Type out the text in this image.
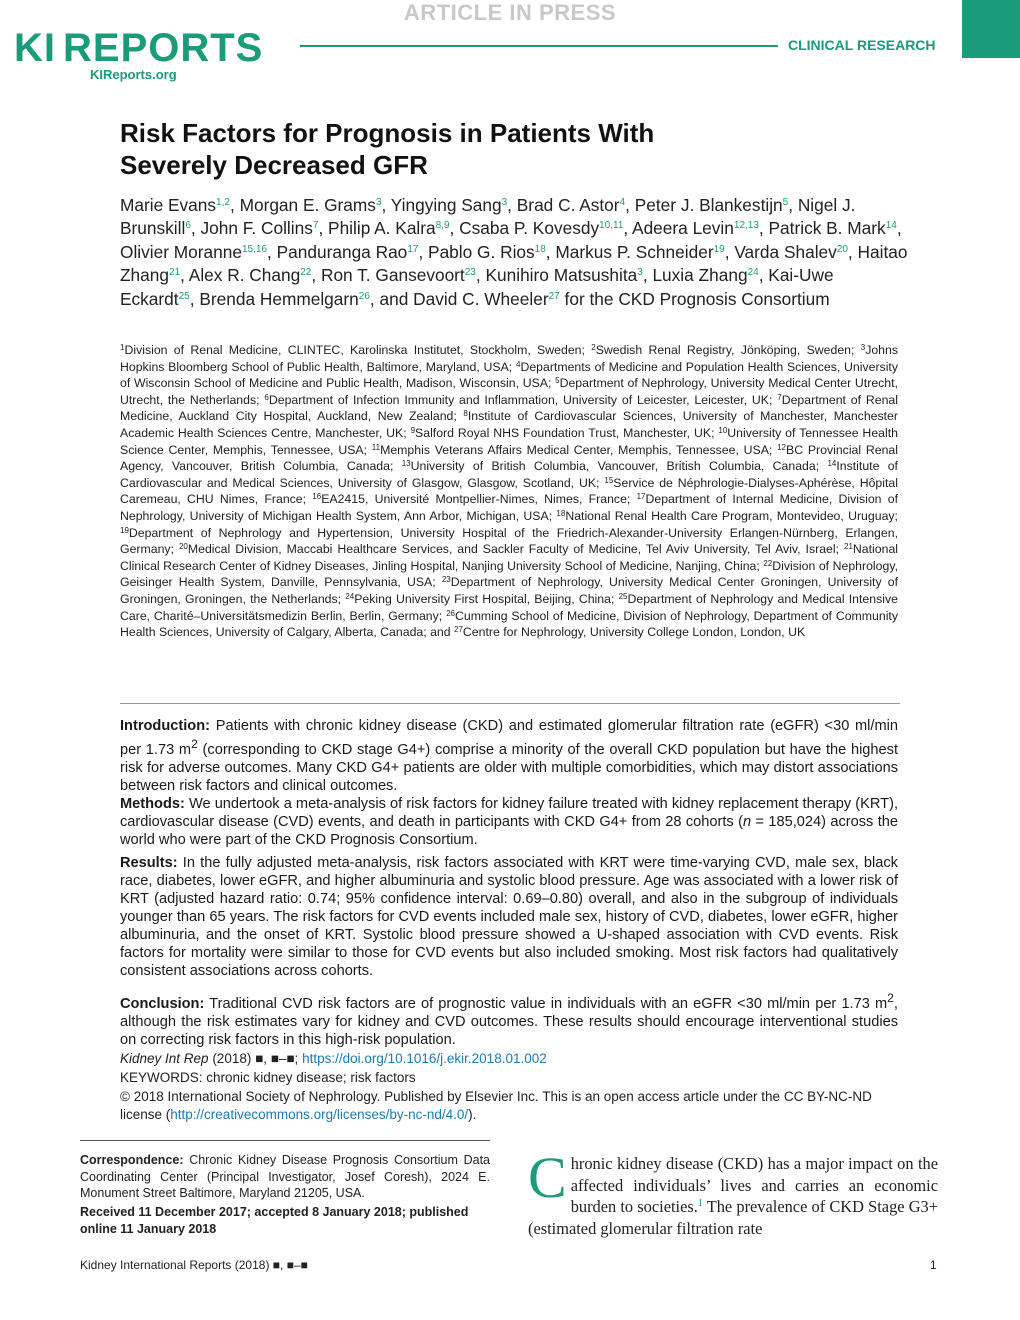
ARTICLE IN PRESS
KI REPORTS
KIReports.org
CLINICAL RESEARCH
Risk Factors for Prognosis in Patients With
Severely Decreased GFR
Marie Evans$^{1,2}$, Morgan E. Grams$^3$, Yingying Sang$^3$, Brad C. Astor$^4$, Peter J. Blankestijn$^5$, Nigel J. Brunskill$^6$, John F. Collins$^7$, Philip A. Kalra$^{8,9}$, Csaba P. Kovesdy$^{10,11}$, Adeera Levin$^{12,13}$, Patrick B. Mark$^{14}$, Olivier Moranne$^{15,16}$, Panduranga Rao$^{17}$, Pablo G. Rios$^{18}$, Markus P. Schneider$^{19}$, Varda Shalev$^{20}$, Haitao Zhang$^{21}$, Alex R. Chang$^{22}$, Ron T. Gansevoort$^{23}$, Kunihiro Matsushita$^3$, Luxia Zhang$^{24}$, Kai-Uwe Eckardt$^{25}$, Brenda Hemmelgarn$^{26}$, and David C. Wheeler$^{27}$ for the CKD Prognosis Consortium
$^1$Division of Renal Medicine, CLINTEC, Karolinska Institutet, Stockholm, Sweden; $^2$Swedish Renal Registry, Jönköping, Sweden; $^3$Johns Hopkins Bloomberg School of Public Health, Baltimore, Maryland, USA; $^4$Departments of Medicine and Population Health Sciences, University of Wisconsin School of Medicine and Public Health, Madison, Wisconsin, USA; $^5$Department of Nephrology, University Medical Center Utrecht, Utrecht, the Netherlands; $^6$Department of Infection Immunity and Inflammation, University of Leicester, Leicester, UK; $^7$Department of Renal Medicine, Auckland City Hospital, Auckland, New Zealand; $^8$Institute of Cardiovascular Sciences, University of Manchester, Manchester Academic Health Sciences Centre, Manchester, UK; $^9$Salford Royal NHS Foundation Trust, Manchester, UK; $^{10}$University of Tennessee Health Science Center, Memphis, Tennessee, USA; $^{11}$Memphis Veterans Affairs Medical Center, Memphis, Tennessee, USA; $^{12}$BC Provincial Renal Agency, Vancouver, British Columbia, Canada; $^{13}$University of British Columbia, Vancouver, British Columbia, Canada; $^{14}$Institute of Cardiovascular and Medical Sciences, University of Glasgow, Glasgow, Scotland, UK; $^{15}$Service de Néphrologie-Dialyses-Aphérèse, Hôpital Caremeau, CHU Nimes, France; $^{16}$EA2415, Université Montpellier-Nimes, Nimes, France; $^{17}$Department of Internal Medicine, Division of Nephrology, University of Michigan Health System, Ann Arbor, Michigan, USA; $^{18}$National Renal Health Care Program, Montevideo, Uruguay; $^{19}$Department of Nephrology and Hypertension, University Hospital of the Friedrich-Alexander-University Erlangen-Nürnberg, Erlangen, Germany; $^{20}$Medical Division, Maccabi Healthcare Services, and Sackler Faculty of Medicine, Tel Aviv University, Tel Aviv, Israel; $^{21}$National Clinical Research Center of Kidney Diseases, Jinling Hospital, Nanjing University School of Medicine, Nanjing, China; $^{22}$Division of Nephrology, Geisinger Health System, Danville, Pennsylvania, USA; $^{23}$Department of Nephrology, University Medical Center Groningen, University of Groningen, Groningen, the Netherlands; $^{24}$Peking University First Hospital, Beijing, China; $^{25}$Department of Nephrology and Medical Intensive Care, Charité–Universitätsmedizin Berlin, Berlin, Germany; $^{26}$Cumming School of Medicine, Division of Nephrology, Department of Community Health Sciences, University of Calgary, Alberta, Canada; and $^{27}$Centre for Nephrology, University College London, London, UK
Introduction: Patients with chronic kidney disease (CKD) and estimated glomerular filtration rate (eGFR) <30 ml/min per 1.73 $m^2$ (corresponding to CKD stage G4+) comprise a minority of the overall CKD population but have the highest risk for adverse outcomes. Many CKD G4+ patients are older with multiple comorbidities, which may distort associations between risk factors and clinical outcomes.
Methods: We undertook a meta-analysis of risk factors for kidney failure treated with kidney replacement therapy (KRT), cardiovascular disease (CVD) events, and death in participants with CKD G4+ from 28 cohorts (n = 185,024) across the world who were part of the CKD Prognosis Consortium.
Results: In the fully adjusted meta-analysis, risk factors associated with KRT were time-varying CVD, male sex, black race, diabetes, lower eGFR, and higher albuminuria and systolic blood pressure. Age was associated with a lower risk of KRT (adjusted hazard ratio: 0.74; 95% confidence interval: 0.69–0.80) overall, and also in the subgroup of individuals younger than 65 years. The risk factors for CVD events included male sex, history of CVD, diabetes, lower eGFR, higher albuminuria, and the onset of KRT. Systolic blood pressure showed a U-shaped association with CVD events. Risk factors for mortality were similar to those for CVD events but also included smoking. Most risk factors had qualitatively consistent associations across cohorts.
Conclusion: Traditional CVD risk factors are of prognostic value in individuals with an eGFR <30 ml/min per 1.73 $m^2$, although the risk estimates vary for kidney and CVD outcomes. These results should encourage interventional studies on correcting risk factors in this high-risk population.
Kidney Int Rep (2018) ■, ■–■; https://doi.org/10.1016/j.ekir.2018.01.002
KEYWORDS: chronic kidney disease; risk factors
© 2018 International Society of Nephrology. Published by Elsevier Inc. This is an open access article under the CC BY-NC-ND license (http://creativecommons.org/licenses/by-nc-nd/4.0/).
Correspondence: Chronic Kidney Disease Prognosis Consortium Data Coordinating Center (Principal Investigator, Josef Coresh), 2024 E. Monument Street Baltimore, Maryland 21205, USA.
Received 11 December 2017; accepted 8 January 2018; published online 11 January 2018
Chronic kidney disease (CKD) has a major impact on the affected individuals’ lives and carries an economic burden to societies.$^1$ The prevalence of CKD Stage G3+ (estimated glomerular filtration rate
Kidney International Reports (2018) ■, ■–■	1
